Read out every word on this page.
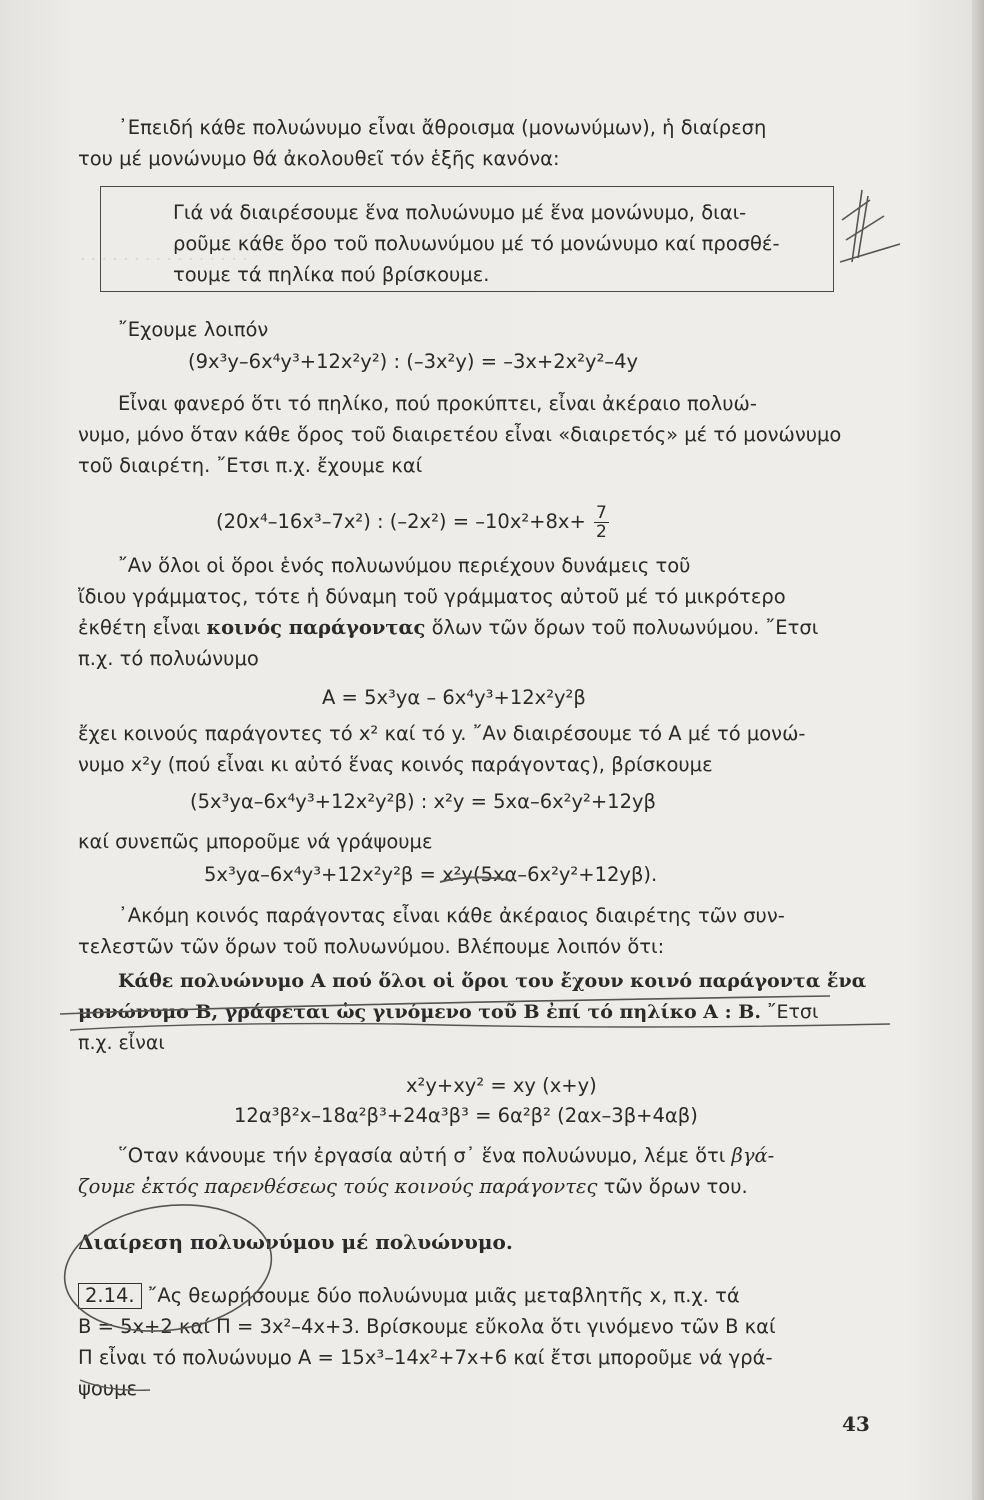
· · · · · · · · · · · · · · · ·
᾿Επειδή κάθε πολυώνυμο εἶναι ἄθροισμα (μονωνύμων), ἡ διαίρεση
του μέ μονώνυμο θά ἀκολουθεῖ τόν ἑξῆς κανόνα:
Γιά νά διαιρέσουμε ἕνα πολυώνυμο μέ ἕνα μονώνυμο, διαι-
ροῦμε κάθε ὅρο τοῦ πολυωνύμου μέ τό μονώνυμο καί προσθέ-
τουμε τά πηλίκα πού βρίσκουμε.
῎Εχουμε λοιπόν
(9x³y–6x⁴y³+12x²y²) : (–3x²y) = –3x+2x²y²–4y
Εἶναι φανερό ὅτι τό πηλίκο, πού προκύπτει, εἶναι ἀκέραιο πολυώ-
νυμο, μόνο ὅταν κάθε ὅρος τοῦ διαιρετέου εἶναι «διαιρετός» μέ τό μονώνυμο
τοῦ διαιρέτη. ῎Ετσι π.χ. ἔχουμε καί
(20x⁴–16x³–7x²) : $(-2x^2) = -10x^2+8x+ \frac{7}{2}$
῎Αν ὅλοι οἱ ὅροι ἑνός πολυωνύμου περιέχουν δυνάμεις τοῦ
ἴδιου γράμματος, τότε ἡ δύναμη τοῦ γράμματος αὐτοῦ μέ τό μικρότερο
ἐκθέτη εἶναι κοινός παράγοντας ὅλων τῶν ὅρων τοῦ πολυωνύμου. ῎Ετσι
π.χ. τό πολυώνυμο
A = 5x³yα – 6x⁴y³+12x²y²β
ἔχει κοινούς παράγοντες τό x² καί τό y. ῎Αν διαιρέσουμε τό A μέ τό μονώ-
νυμο x²y (πού εἶναι κι αὐτό ἕνας κοινός παράγοντας), βρίσκουμε
(5x³yα–6x⁴y³+12x²y²β) : x²y = 5xα–6x²y²+12yβ
καί συνεπῶς μποροῦμε νά γράψουμε
5x³yα–6x⁴y³+12x²y²β = x²y(5xα–6x²y²+12yβ).
᾿Ακόμη κοινός παράγοντας εἶναι κάθε ἀκέραιος διαιρέτης τῶν συν-
τελεστῶν τῶν ὅρων τοῦ πολυωνύμου. Βλέπουμε λοιπόν ὅτι:
Κάθε πολυώνυμο A πού ὅλοι οἱ ὅροι του ἔχουν κοινό παράγοντα ἕνα
μονώνυμο B, γράφεται ὡς γινόμενο τοῦ B ἐπί τό πηλίκο A : B. ῎Ετσι
π.χ. εἶναι
x²y+xy² = xy (x+y)
12α³β²x–18α²β³+24α³β³ = 6α²β² (2αx–3β+4αβ)
῞Οταν κάνουμε τήν ἐργασία αὐτή σ᾽ ἕνα πολυώνυμο, λέμε ὅτι βγά-
ζουμε ἐκτός παρενθέσεως τούς κοινούς παράγοντες τῶν ὅρων του.
Διαίρεση πολυωνύμου μέ πολυώνυμο.
2.14. ῎Ας θεωρήσουμε δύο πολυώνυμα μιᾶς μεταβλητῆς x, π.χ. τά
B = 5x+2 καί Π = 3x²–4x+3. Βρίσκουμε εὔκολα ὅτι γινόμενο τῶν B καί
Π εἶναι τό πολυώνυμο A = 15x³–14x²+7x+6 καί ἔτσι μποροῦμε νά γρά-
ψουμε
43
